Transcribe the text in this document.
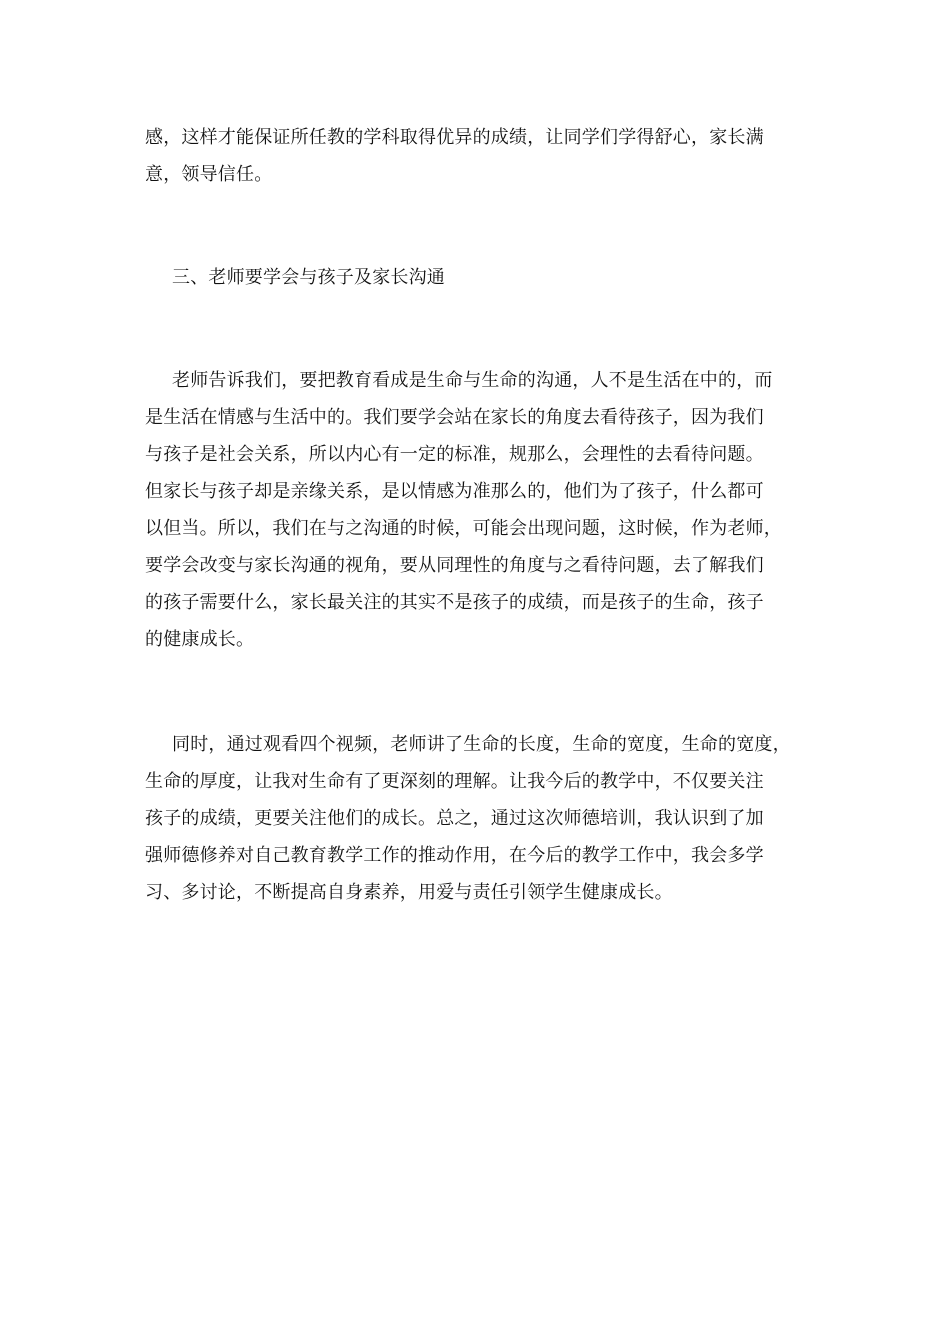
感，这样才能保证所任教的学科取得优异的成绩，让同学们学得舒心，家长满
意，领导信任。
三、老师要学会与孩子及家长沟通
老师告诉我们，要把教育看成是生命与生命的沟通，人不是生活在中的，而
是生活在情感与生活中的。我们要学会站在家长的角度去看待孩子，因为我们
与孩子是社会关系，所以内心有一定的标准，规那么，会理性的去看待问题。
但家长与孩子却是亲缘关系，是以情感为准那么的，他们为了孩子，什么都可
以但当。所以，我们在与之沟通的时候，可能会出现问题，这时候，作为老师，
要学会改变与家长沟通的视角，要从同理性的角度与之看待问题，去了解我们
的孩子需要什么，家长最关注的其实不是孩子的成绩，而是孩子的生命，孩子
的健康成长。
同时，通过观看四个视频，老师讲了生命的长度，生命的宽度，生命的宽度，
生命的厚度，让我对生命有了更深刻的理解。让我今后的教学中，不仅要关注
孩子的成绩，更要关注他们的成长。总之，通过这次师德培训，我认识到了加
强师德修养对自己教育教学工作的推动作用，在今后的教学工作中，我会多学
习、多讨论，不断提高自身素养，用爱与责任引领学生健康成长。
